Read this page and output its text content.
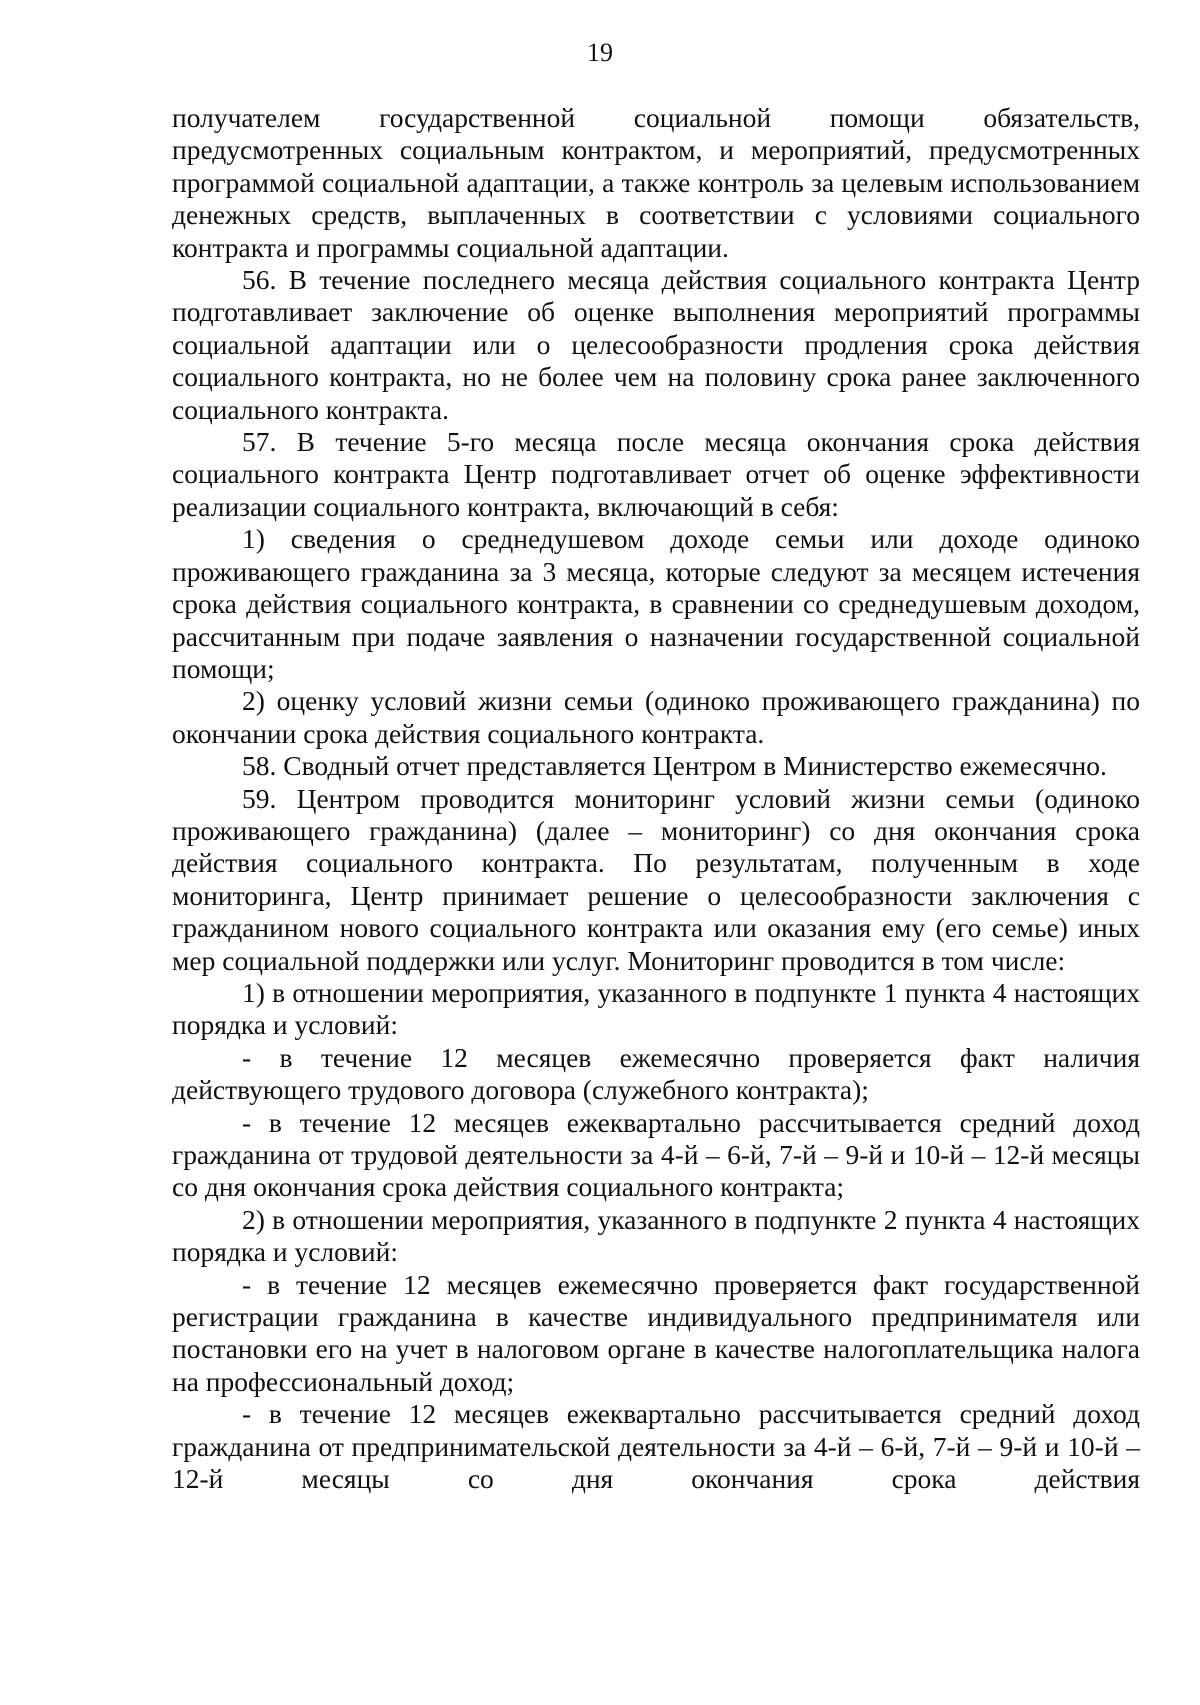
19

получателем государственной социальной помощи обязательств, предусмотренных социальным контрактом, и мероприятий, предусмотренных программой социальной адаптации, а также контроль за целевым использованием денежных средств, выплаченных в соответствии с условиями социального контракта и программы социальной адаптации.

56. В течение последнего месяца действия социального контракта Центр подготавливает заключение об оценке выполнения мероприятий программы социальной адаптации или о целесообразности продления срока действия социального контракта, но не более чем на половину срока ранее заключенного социального контракта.

57. В течение 5-го месяца после месяца окончания срока действия социального контракта Центр подготавливает отчет об оценке эффективности реализации социального контракта, включающий в себя:

1) сведения о среднедушевом доходе семьи или доходе одиноко проживающего гражданина за 3 месяца, которые следуют за месяцем истечения срока действия социального контракта, в сравнении со среднедушевым доходом, рассчитанным при подаче заявления о назначении государственной социальной помощи;

2) оценку условий жизни семьи (одиноко проживающего гражданина) по окончании срока действия социального контракта.

58. Сводный отчет представляется Центром в Министерство ежемесячно.

59. Центром проводится мониторинг условий жизни семьи (одиноко проживающего гражданина) (далее – мониторинг) со дня окончания срока действия социального контракта. По результатам, полученным в ходе мониторинга, Центр принимает решение о целесообразности заключения с гражданином нового социального контракта или оказания ему (его семье) иных мер социальной поддержки или услуг. Мониторинг проводится в том числе:

1) в отношении мероприятия, указанного в подпункте 1 пункта 4 настоящих порядка и условий:

- в течение 12 месяцев ежемесячно проверяется факт наличия действующего трудового договора (служебного контракта);

- в течение 12 месяцев ежеквартально рассчитывается средний доход гражданина от трудовой деятельности за 4-й – 6-й, 7-й – 9-й и 10-й – 12-й месяцы со дня окончания срока действия социального контракта;

2) в отношении мероприятия, указанного в подпункте 2 пункта 4 настоящих порядка и условий:

- в течение 12 месяцев ежемесячно проверяется факт государственной регистрации гражданина в качестве индивидуального предпринимателя или постановки его на учет в налоговом органе в качестве налогоплательщика налога на профессиональный доход;

- в течение 12 месяцев ежеквартально рассчитывается средний доход гражданина от предпринимательской деятельности за 4-й – 6-й, 7-й – 9-й и 10-й – 12-й месяцы со дня окончания срока действия
